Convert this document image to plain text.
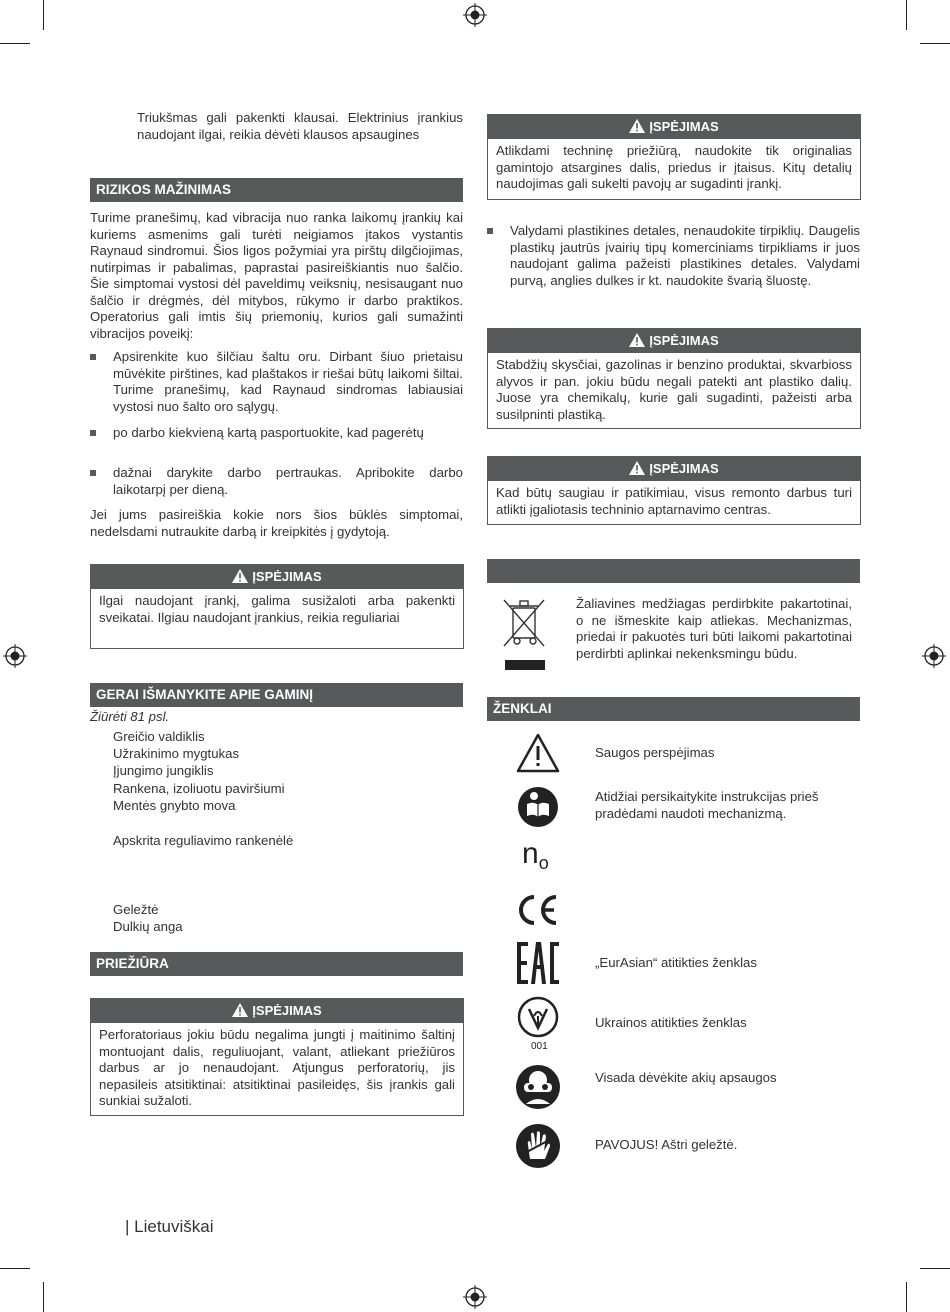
Triukšmas gali pakenkti klausai. Elektrinius įrankius naudojant ilgai, reikia dėvėti klausos apsaugines
RIZIKOS MAŽINIMAS
Turime pranešimų, kad vibracija nuo ranka laikomų įrankių kai kuriems asmenims gali turėti neigiamos įtakos vystantis Raynaud sindromui. Šios ligos požymiai yra pirštų dilgčiojimas, nutirpimas ir pabalimas, paprastai pasireiškiantis nuo šalčio. Šie simptomai vystosi dėl paveldimų veiksnių, nesisaugant nuo šalčio ir drėgmės, dėl mitybos, rūkymo ir darbo praktikos. Operatorius gali imtis šių priemonių, kurios gali sumažinti vibracijos poveikį:
Apsirenkite kuo šilčiau šaltu oru. Dirbant šiuo prietaisu mūvėkite pirštines, kad plaštakos ir riešai būtų laikomi šiltai. Turime pranešimų, kad Raynaud sindromas labiausiai vystosi nuo šalto oro sąlygų.
po darbo kiekvieną kartą pasportuokite, kad pagerėtų
dažnai darykite darbo pertraukas. Apribokite darbo laikotarpį per dieną.
Jei jums pasireiškia kokie nors šios būklės simptomai, nedelsdami nutraukite darbą ir kreipkitės į gydytoją.
ĮSPĖJIMAS
Ilgai naudojant įrankį, galima susižaloti arba pakenkti sveikatai. Ilgiau naudojant įrankius, reikia reguliariai
GERAI IŠMANYKITE APIE GAMINĮ
Žiūrėti 81 psl.
Greičio valdiklis
Užrakinimo mygtukas
Įjungimo jungiklis
Rankena, izoliuotu paviršiumi
Mentės gnybto mova
Apskrita reguliavimo rankenėlė
Geležtė
Dulkių anga
PRIEŽIŪRA
ĮSPĖJIMAS
Perforatoriaus jokiu būdu negalima jungti į maitinimo šaltinį montuojant dalis, reguliuojant, valant, atliekant priežiūros darbus ar jo nenaudojant. Atjungus perforatorių, jis nepasileis atsitiktinai: atsitiktinai pasileidęs, šis įrankis gali sunkiai sužaloti.
| Lietuviškai
ĮSPĖJIMAS
Atlikdami techninę priežiūrą, naudokite tik originalias gamintojo atsargines dalis, priedus ir įtaisus. Kitų detalių naudojimas gali sukelti pavojų ar sugadinti įrankį.
Valydami plastikines detales, nenaudokite tirpiklių. Daugelis plastikų jautrūs įvairių tipų komerciniams tirpikliams ir juos naudojant galima pažeisti plastikines detales. Valydami purvą, anglies dulkes ir kt. naudokite švarią šluostę.
ĮSPĖJIMAS
Stabdžių skysčiai, gazolinas ir benzino produktai, skvarbioss alyvos ir pan. jokiu būdu negali patekti ant plastiko dalių. Juose yra chemikalų, kurie gali sugadinti, pažeisti arba susilpninti plastiką.
ĮSPĖJIMAS
Kad būtų saugiau ir patikimiau, visus remonto darbus turi atlikti įgaliotasis techninio aptarnavimo centras.
Žaliavines medžiagas perdirbkite pakartotinai, o ne išmeskite kaip atliekas. Mechanizmas, priedai ir pakuotės turi būti laikomi pakartotinai perdirbti aplinkai nekenksmingu būdu.
ŽENKLAI
Saugos perspėjimas
Atidžiai persikaitykite instrukcijas prieš pradėdami naudoti mechanizmą.
$n_o$
„EurAsian“ atitikties ženklas
001
Ukrainos atitikties ženklas
Visada dėvėkite akių apsaugos
PAVOJUS! Aštri geležtė.
